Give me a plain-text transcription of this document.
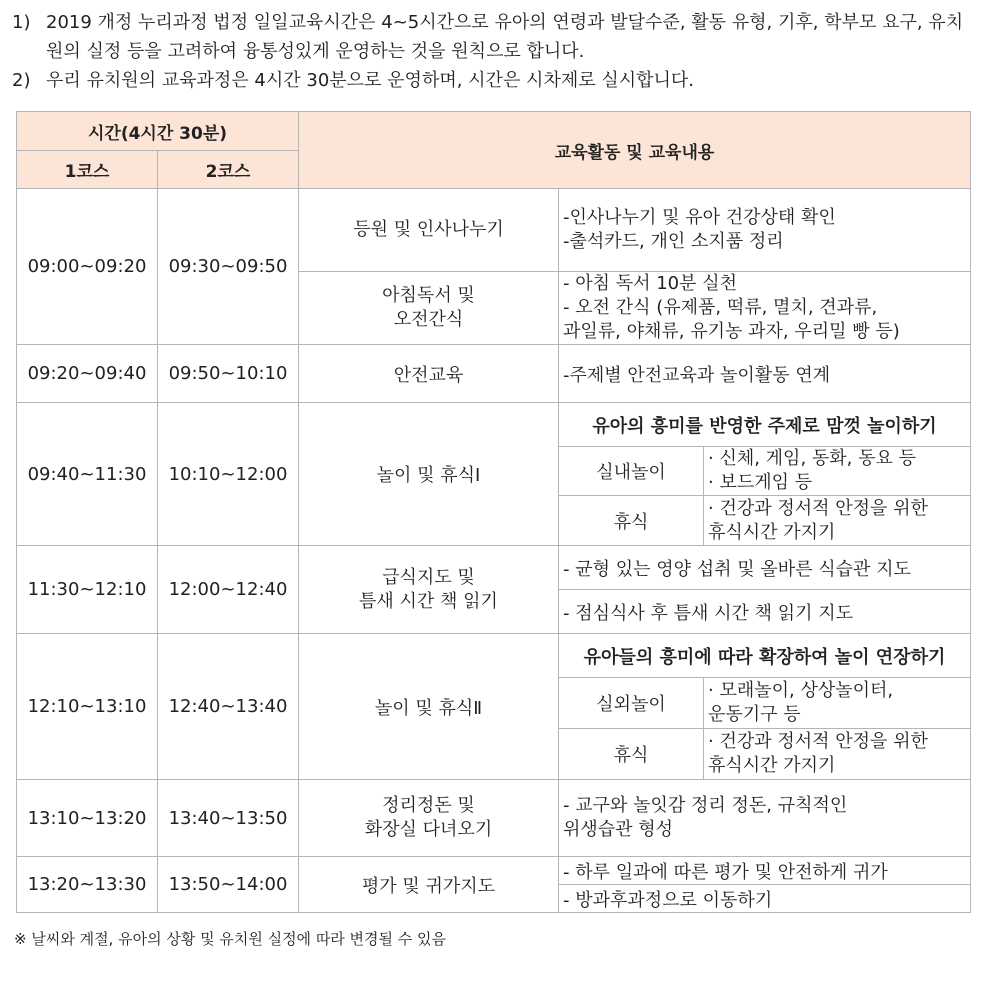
1) 2019 개정 누리과정 법정 일일교육시간은 4~5시간으로 유아의 연령과 발달수준, 활동 유형, 기후, 학부모 요구, 유치원의 실정 등을 고려하여 융통성있게 운영하는 것을 원칙으로 합니다.
2) 우리 유치원의 교육과정은 4시간 30분으로 운영하며, 시간은 시차제로 실시합니다.
시간(4시간 30분)		교육활동 및 교육내용		
1코스	2코스			
09:00~09:20	09:30~09:50	등원 및 인사나누기	-인사나누기 및 유아 건강상태 확인
-출석카드, 개인 소지품 정리	
		아침독서 및
오전간식	- 아침 독서 10분 실천
- 오전 간식 (유제품, 떡류, 멸치, 견과류,
과일류, 야채류, 유기농 과자, 우리밀 빵 등)	
09:20~09:40	09:50~10:10	안전교육	-주제별 안전교육과 놀이활동 연계	
09:40~11:30	10:10~12:00	놀이 및 휴식Ⅰ	유아의 흥미를 반영한 주제로 맘껏 놀이하기	
			실내놀이	· 신체, 게임, 동화, 동요 등
· 보드게임 등
			휴식	· 건강과 정서적 안정을 위한
휴식시간 가지기
11:30~12:10	12:00~12:40	급식지도 및
틈새 시간 책 읽기	- 균형 있는 영양 섭취 및 올바른 식습관 지도	
			- 점심식사 후 틈새 시간 책 읽기 지도	
12:10~13:10	12:40~13:40	놀이 및 휴식Ⅱ	유아들의 흥미에 따라 확장하여 놀이 연장하기	
			실외놀이	· 모래놀이, 상상놀이터,
운동기구 등
			휴식	· 건강과 정서적 안정을 위한
휴식시간 가지기
13:10~13:20	13:40~13:50	정리정돈 및
화장실 다녀오기	- 교구와 놀잇감 정리 정돈, 규칙적인
위생습관 형성	
13:20~13:30	13:50~14:00	평가 및 귀가지도	- 하루 일과에 따른 평가 및 안전하게 귀가	
			- 방과후과정으로 이동하기	
※ 날씨와 계절, 유아의 상황 및 유치원 실정에 따라 변경될 수 있음
